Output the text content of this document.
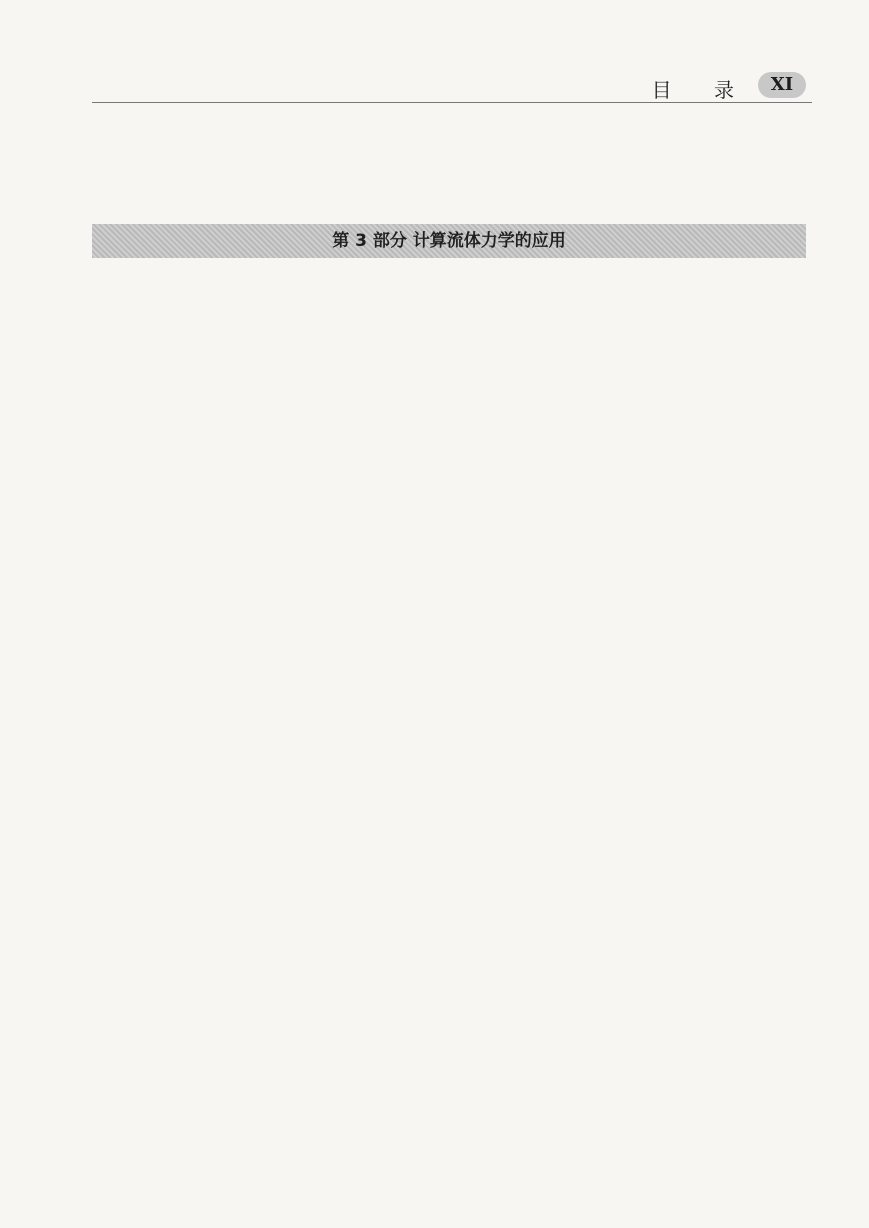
目 录	XI
第 3 部分 计算流体力学的应用
